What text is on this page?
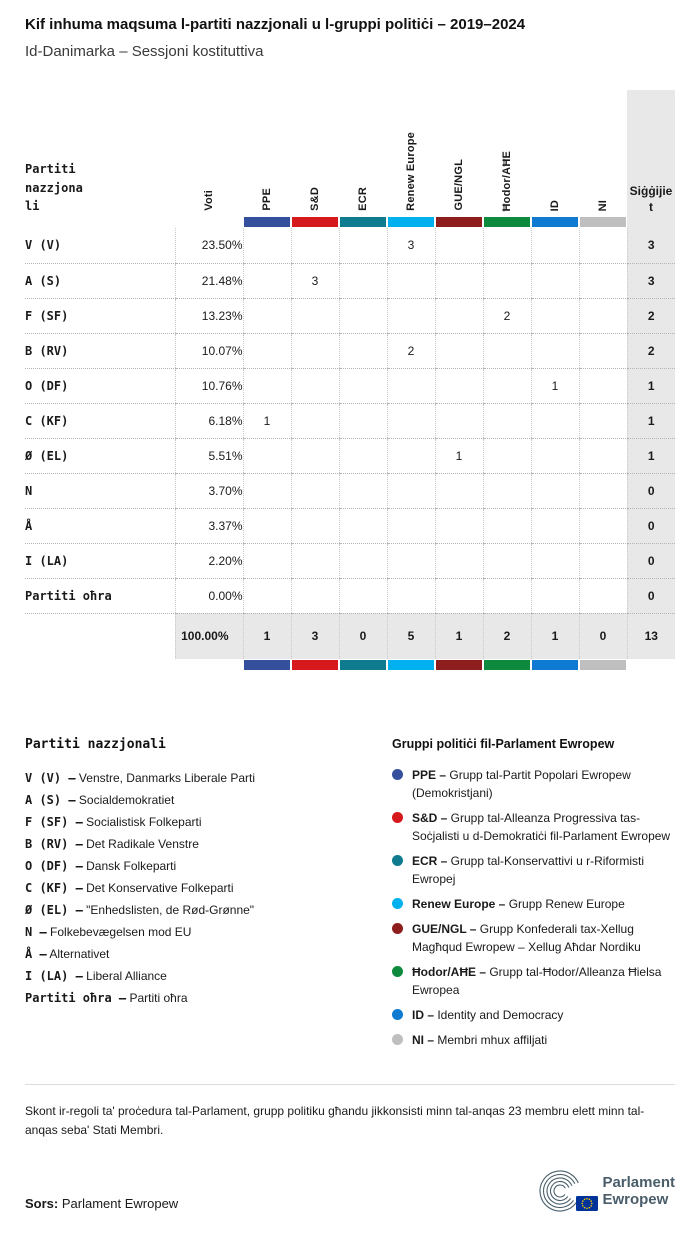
Kif inhuma maqsuma l-partiti nazzjonali u l-gruppi politiċi – 2019–2024
Id-Danimarka – Sessjoni kostituttiva
Partiti nazzjonali	Voti	PPE	S&D	ECR	Renew Europe	GUE/NGL	Ħodor/AĦE	ID	NI	Siġġijiet

V (V)	23.50%				3					3
A (S)	21.48%		3							3
F (SF)	13.23%						2			2
B (RV)	10.07%				2					2
O (DF)	10.76%							1		1
C (KF)	6.18%	1								1
Ø (EL)	5.51%					1				1
N	3.70%									0
Å	3.37%									0
I (LA)	2.20%									0
Partiti oħra	0.00%									0
	100.00%	1	3	0	5	1	2	1	0	13

Partiti nazzjonali
V (V) – Venstre, Danmarks Liberale Parti
A (S) – Socialdemokratiet
F (SF) – Socialistisk Folkeparti
B (RV) – Det Radikale Venstre
O (DF) – Dansk Folkeparti
C (KF) – Det Konservative Folkeparti
Ø (EL) – "Enhedslisten, de Rød-Grønne"
N – Folkebevægelsen mod EU
Å – Alternativet
I (LA) – Liberal Alliance
Partiti oħra – Partiti oħra
Gruppi politiċi fil-Parlament Ewropew
PPE – Grupp tal-Partit Popolari Ewropew (Demokristjani)
S&D – Grupp tal-Alleanza Progressiva tas-Soċjalisti u d-Demokratiċi fil-Parlament Ewropew
ECR – Grupp tal-Konservattivi u r-Riformisti Ewropej
Renew Europe – Grupp Renew Europe
GUE/NGL – Grupp Konfederali tax-Xellug Magħqud Ewropew – Xellug Aħdar Nordiku
Ħodor/AĦE – Grupp tal-Ħodor/Alleanza Ħielsa Ewropea
ID – Identity and Democracy
NI – Membri mhux affiljati

Skont ir-regoli ta' proċedura tal-Parlament, grupp politiku għandu jikkonsisti minn tal-anqas 23 membru elett minn tal-anqas seba' Stati Membri.

Sors: Parlament Ewropew

Parlament
Ewropew
